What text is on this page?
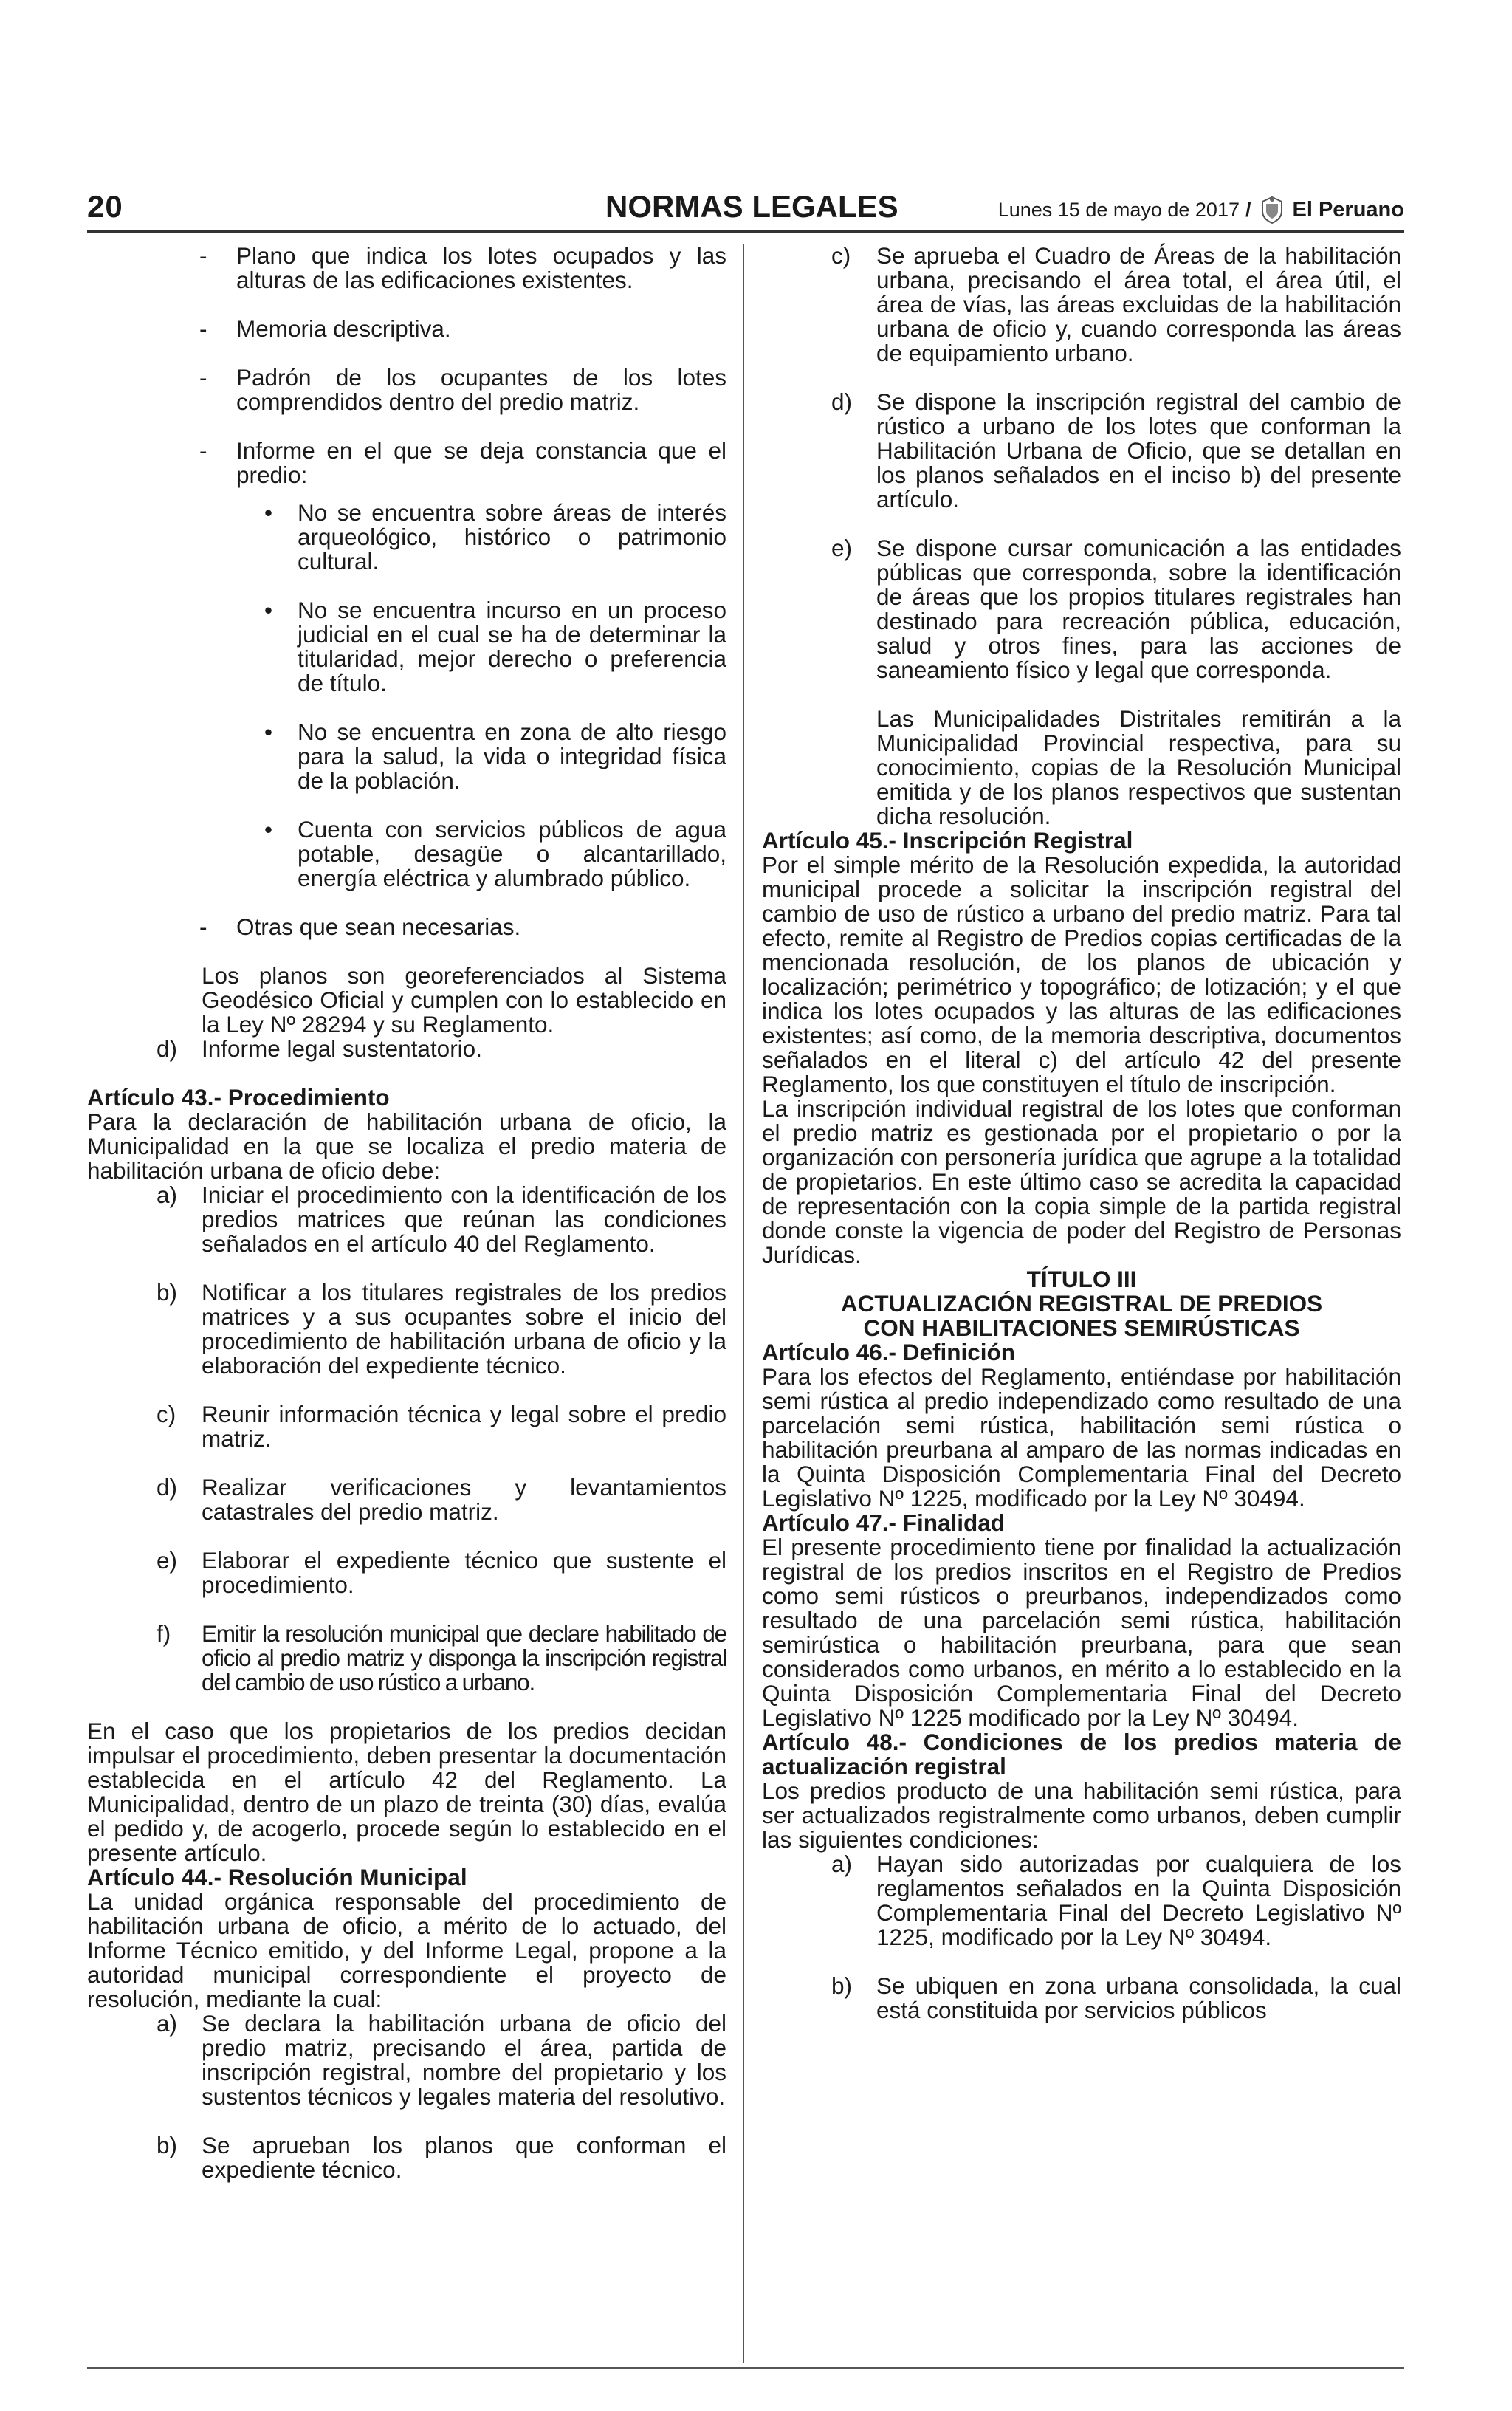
20	NORMAS LEGALES	Lunes 15 de mayo de 2017 / El Peruano
- Plano que indica los lotes ocupados y las alturas de las edificaciones existentes.
- Memoria descriptiva.
- Padrón de los ocupantes de los lotes comprendidos dentro del predio matriz.
- Informe en el que se deja constancia que el predio:
• No se encuentra sobre áreas de interés arqueológico, histórico o patrimonio cultural.
• No se encuentra incurso en un proceso judicial en el cual se ha de determinar la titularidad, mejor derecho o preferencia de título.
• No se encuentra en zona de alto riesgo para la salud, la vida o integridad física de la población.
• Cuenta con servicios públicos de agua potable, desagüe o alcantarillado, energía eléctrica y alumbrado público.
- Otras que sean necesarias.

Los planos son georeferenciados al Sistema Geodésico Oficial y cumplen con lo establecido en la Ley Nº 28294 y su Reglamento.

d) Informe legal sustentatorio.

Artículo 43.- Procedimiento

Para la declaración de habilitación urbana de oficio, la Municipalidad en la que se localiza el predio materia de habilitación urbana de oficio debe:

a) Iniciar el procedimiento con la identificación de los predios matrices que reúnan las condiciones señalados en el artículo 40 del Reglamento.
b) Notificar a los titulares registrales de los predios matrices y a sus ocupantes sobre el inicio del procedimiento de habilitación urbana de oficio y la elaboración del expediente técnico.
c) Reunir información técnica y legal sobre el predio matriz.
d) Realizar verificaciones y levantamientos catastrales del predio matriz.
e) Elaborar el expediente técnico que sustente el procedimiento.
f) Emitir la resolución municipal que declare habilitado de oficio al predio matriz y disponga la inscripción registral del cambio de uso rústico a urbano.

En el caso que los propietarios de los predios decidan impulsar el procedimiento, deben presentar la documentación establecida en el artículo 42 del Reglamento. La Municipalidad, dentro de un plazo de treinta (30) días, evalúa el pedido y, de acogerlo, procede según lo establecido en el presente artículo.

Artículo 44.- Resolución Municipal

La unidad orgánica responsable del procedimiento de habilitación urbana de oficio, a mérito de lo actuado, del Informe Técnico emitido, y del Informe Legal, propone a la autoridad municipal correspondiente el proyecto de resolución, mediante la cual:

a) Se declara la habilitación urbana de oficio del predio matriz, precisando el área, partida de inscripción registral, nombre del propietario y los sustentos técnicos y legales materia del resolutivo.
b) Se aprueban los planos que conforman el expediente técnico.
c) Se aprueba el Cuadro de Áreas de la habilitación urbana, precisando el área total, el área útil, el área de vías, las áreas excluidas de la habilitación urbana de oficio y, cuando corresponda las áreas de equipamiento urbano.
d) Se dispone la inscripción registral del cambio de rústico a urbano de los lotes que conforman la Habilitación Urbana de Oficio, que se detallan en los planos señalados en el inciso b) del presente artículo.
e) Se dispone cursar comunicación a las entidades públicas que corresponda, sobre la identificación de áreas que los propios titulares registrales han destinado para recreación pública, educación, salud y otros fines, para las acciones de saneamiento físico y legal que corresponda.

Las Municipalidades Distritales remitirán a la Municipalidad Provincial respectiva, para su conocimiento, copias de la Resolución Municipal emitida y de los planos respectivos que sustentan dicha resolución.

Artículo 45.- Inscripción Registral

Por el simple mérito de la Resolución expedida, la autoridad municipal procede a solicitar la inscripción registral del cambio de uso de rústico a urbano del predio matriz. Para tal efecto, remite al Registro de Predios copias certificadas de la mencionada resolución, de los planos de ubicación y localización; perimétrico y topográfico; de lotización; y el que indica los lotes ocupados y las alturas de las edificaciones existentes; así como, de la memoria descriptiva, documentos señalados en el literal c) del artículo 42 del presente Reglamento, los que constituyen el título de inscripción.

La inscripción individual registral de los lotes que conforman el predio matriz es gestionada por el propietario o por la organización con personería jurídica que agrupe a la totalidad de propietarios. En este último caso se acredita la capacidad de representación con la copia simple de la partida registral donde conste la vigencia de poder del Registro de Personas Jurídicas.

TÍTULO III

ACTUALIZACIÓN REGISTRAL DE PREDIOS CON HABILITACIONES SEMIRÚSTICAS

Artículo 46.- Definición

Para los efectos del Reglamento, entiéndase por habilitación semi rústica al predio independizado como resultado de una parcelación semi rústica, habilitación semi rústica o habilitación preurbana al amparo de las normas indicadas en la Quinta Disposición Complementaria Final del Decreto Legislativo Nº 1225, modificado por la Ley Nº 30494.

Artículo 47.- Finalidad

El presente procedimiento tiene por finalidad la actualización registral de los predios inscritos en el Registro de Predios como semi rústicos o preurbanos, independizados como resultado de una parcelación semi rústica, habilitación semirústica o habilitación preurbana, para que sean considerados como urbanos, en mérito a lo establecido en la Quinta Disposición Complementaria Final del Decreto Legislativo Nº 1225 modificado por la Ley Nº 30494.

Artículo 48.- Condiciones de los predios materia de actualización registral

Los predios producto de una habilitación semi rústica, para ser actualizados registralmente como urbanos, deben cumplir las siguientes condiciones:

a) Hayan sido autorizadas por cualquiera de los reglamentos señalados en la Quinta Disposición Complementaria Final del Decreto Legislativo Nº 1225, modificado por la Ley Nº 30494.
b) Se ubiquen en zona urbana consolidada, la cual está constituida por servicios públicos
